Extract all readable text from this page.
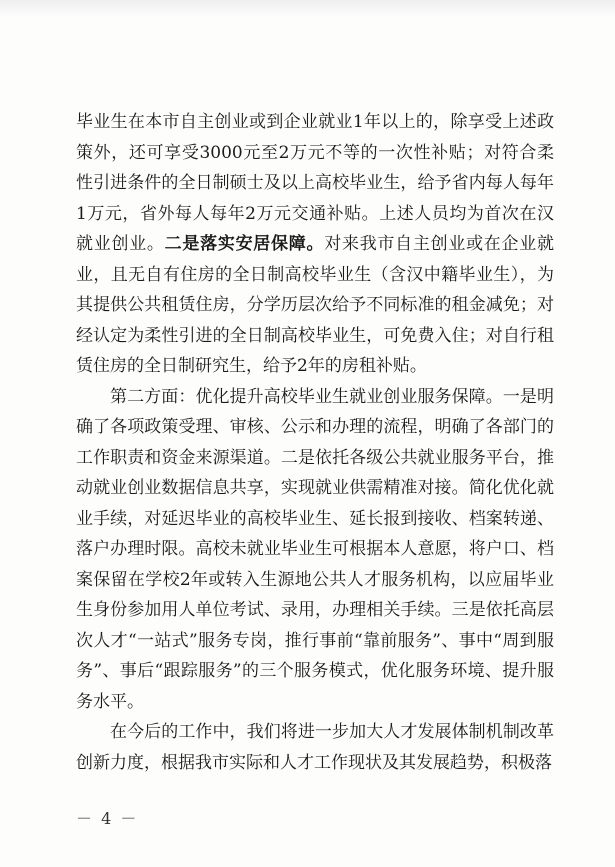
毕业生在本市自主创业或到企业就业1年以上的，除享受上述政策外，还可享受3000元至2万元不等的一次性补贴；对符合柔性引进条件的全日制硕士及以上高校毕业生，给予省内每人每年1万元，省外每人每年2万元交通补贴。上述人员均为首次在汉就业创业。二是落实安居保障。对来我市自主创业或在企业就业，且无自有住房的全日制高校毕业生（含汉中籍毕业生），为其提供公共租赁住房，分学历层次给予不同标准的租金减免；对经认定为柔性引进的全日制高校毕业生，可免费入住；对自行租赁住房的全日制研究生，给予2年的房租补贴。

第二方面：优化提升高校毕业生就业创业服务保障。一是明确了各项政策受理、审核、公示和办理的流程，明确了各部门的工作职责和资金来源渠道。二是依托各级公共就业服务平台，推动就业创业数据信息共享，实现就业供需精准对接。简化优化就业手续，对延迟毕业的高校毕业生、延长报到接收、档案转递、落户办理时限。高校未就业毕业生可根据本人意愿，将户口、档案保留在学校2年或转入生源地公共人才服务机构，以应届毕业生身份参加用人单位考试、录用，办理相关手续。三是依托高层次人才“一站式”服务专岗，推行事前“靠前服务”、事中“周到服务”、事后“跟踪服务”的三个服务模式，优化服务环境、提升服务水平。

在今后的工作中，我们将进一步加大人才发展体制机制改革创新力度，根据我市实际和人才工作现状及其发展趋势，积极落

－ 4 －
